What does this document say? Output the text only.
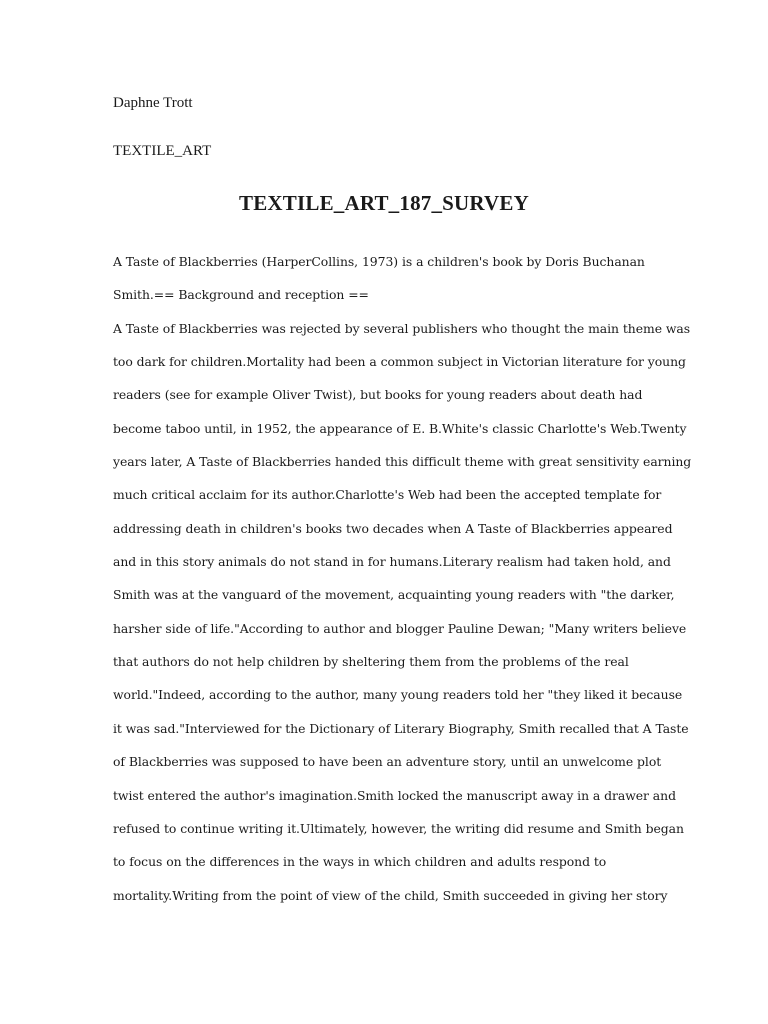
Daphne Trott
TEXTILE_ART
TEXTILE_ART_187_SURVEY
A Taste of Blackberries (HarperCollins, 1973) is a children's book by Doris Buchanan
Smith.== Background and reception ==
A Taste of Blackberries was rejected by several publishers who thought the main theme was
too dark for children.Mortality had been a common subject in Victorian literature for young
readers (see for example Oliver Twist), but books for young readers about death had
become taboo until, in 1952, the appearance of E. B.White's classic Charlotte's Web.Twenty
years later, A Taste of Blackberries handed this difficult theme with great sensitivity earning
much critical acclaim for its author.Charlotte's Web had been the accepted template for
addressing death in children's books two decades when A Taste of Blackberries appeared
and in this story animals do not stand in for humans.Literary realism had taken hold, and
Smith was at the vanguard of the movement, acquainting young readers with "the darker,
harsher side of life."According to author and blogger Pauline Dewan; "Many writers believe
that authors do not help children by sheltering them from the problems of the real
world."Indeed, according to the author, many young readers told her "they liked it because
it was sad."Interviewed for the Dictionary of Literary Biography, Smith recalled that A Taste
of Blackberries was supposed to have been an adventure story, until an unwelcome plot
twist entered the author's imagination.Smith locked the manuscript away in a drawer and
refused to continue writing it.Ultimately, however, the writing did resume and Smith began
to focus on the differences in the ways in which children and adults respond to
mortality.Writing from the point of view of the child, Smith succeeded in giving her story
